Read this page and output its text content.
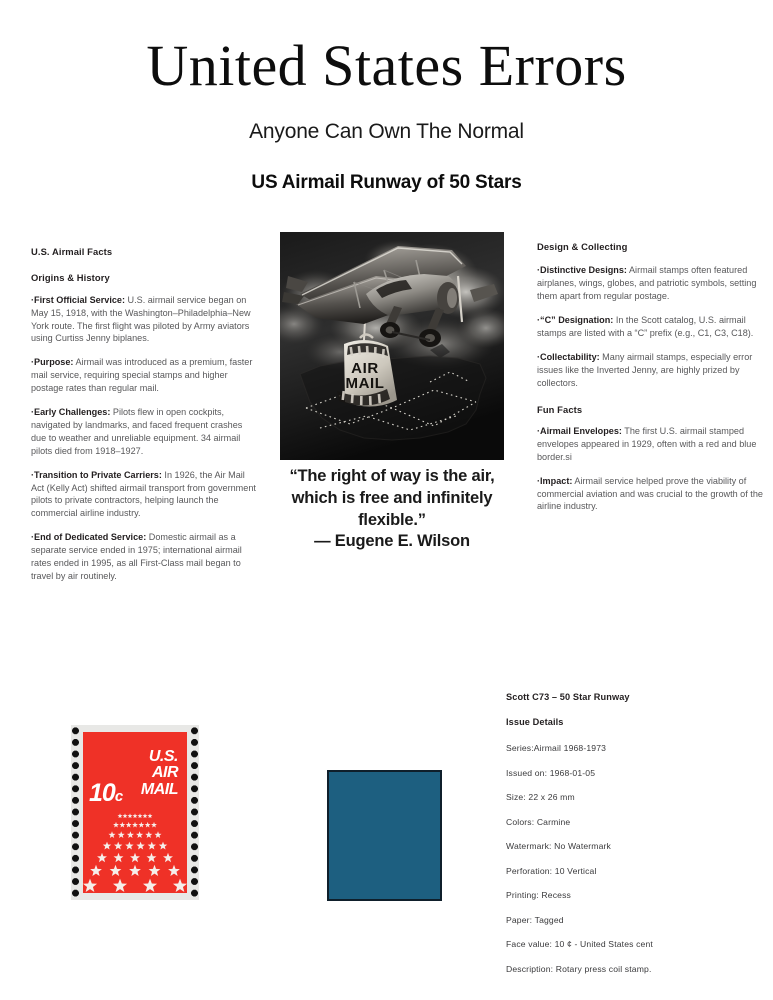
United States Errors
Anyone Can Own The Normal
US Airmail Runway of 50 Stars
U.S. Airmail Facts
Origins & History

·First Official Service: U.S. airmail service began on May 15, 1918, with the Washington–Philadelphia–New York route. The first flight was piloted by Army aviators using Curtiss Jenny biplanes.

·Purpose: Airmail was introduced as a premium, faster mail service, requiring special stamps and higher postage rates than regular mail.

·Early Challenges: Pilots flew in open cockpits, navigated by landmarks, and faced frequent crashes due to weather and unreliable equipment. 34 airmail pilots died from 1918–1927.

·Transition to Private Carriers: In 1926, the Air Mail Act (Kelly Act) shifted airmail transport from government pilots to private contractors, helping launch the commercial airline industry.

·End of Dedicated Service: Domestic airmail as a separate service ended in 1975; international airmail rates ended in 1995, as all First-Class mail began to travel by air routinely.

Design & Collecting

·Distinctive Designs: Airmail stamps often featured airplanes, wings, globes, and patriotic symbols, setting them apart from regular postage.

·“C” Designation: In the Scott catalog, U.S. airmail stamps are listed with a “C” prefix (e.g., C1, C3, C18).

·Collectability: Many airmail stamps, especially error issues like the Inverted Jenny, are highly prized by collectors.

Fun Facts

·Airmail Envelopes: The first U.S. airmail stamped envelopes appeared in 1929, often with a red and blue border.si

·Impact: Airmail service helped prove the viability of commercial aviation and was crucial to the growth of the airline industry.

AIR
MAIL
“The right of way is the air, which is free and infinitely flexible.”
— Eugene E. Wilson
10c
U.S.
AIR
MAIL
Scott C73 – 50 Star Runway
Issue Details
Series:Airmail 1968-1973
Issued on: 1968-01-05
Size: 22 x 26 mm
Colors: Carmine
Watermark: No Watermark
Perforation: 10 Vertical
Printing: Recess
Paper: Tagged
Face value: 10 ¢ - United States cent
Description: Rotary press coil stamp.
